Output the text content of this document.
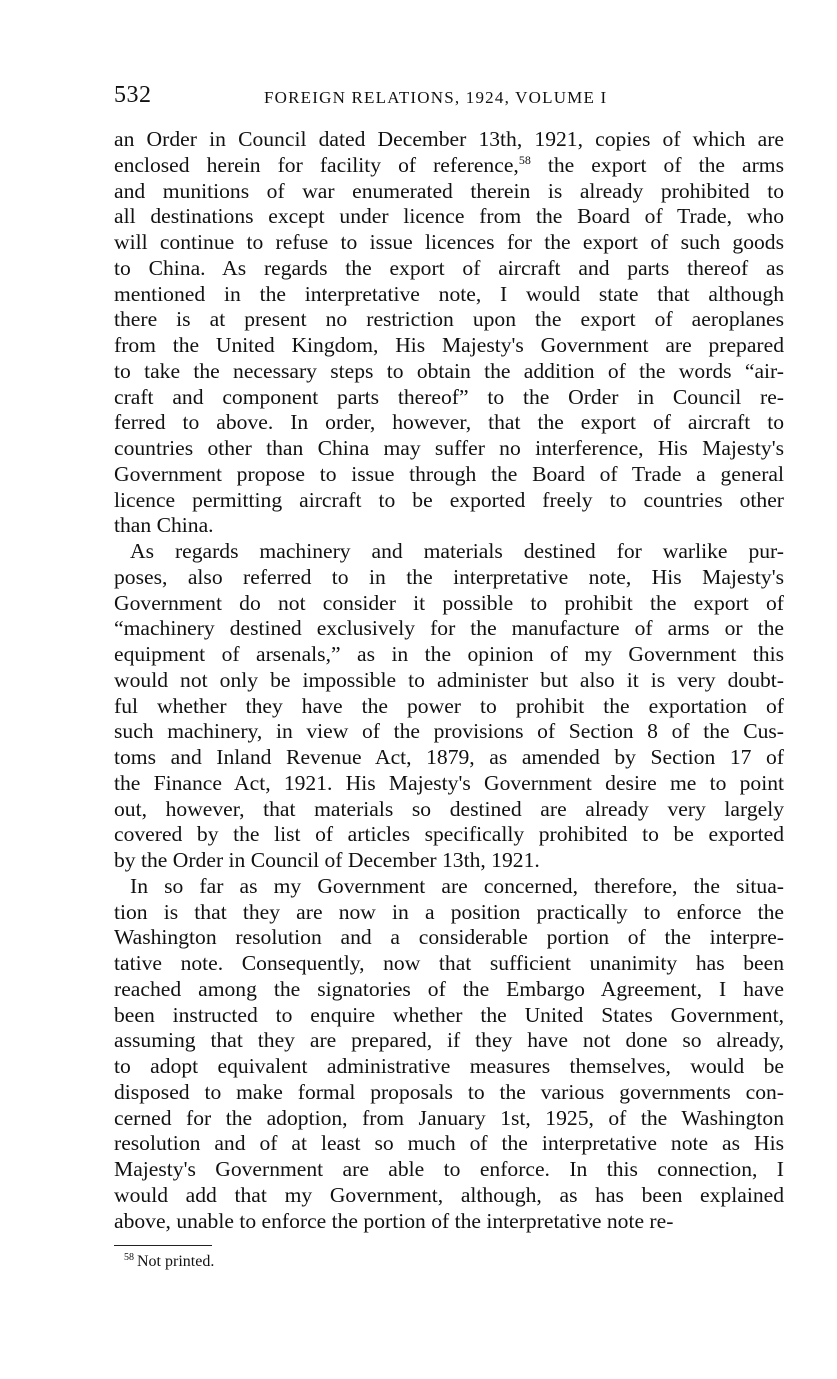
532	FOREIGN RELATIONS, 1924, VOLUME I
an Order in Council dated December 13th, 1921, copies of which are
enclosed herein for facility of reference,$^{58}$ the export of the arms
and munitions of war enumerated therein is already prohibited to
all destinations except under licence from the Board of Trade, who
will continue to refuse to issue licences for the export of such goods
to China. As regards the export of aircraft and parts thereof as
mentioned in the interpretative note, I would state that although
there is at present no restriction upon the export of aeroplanes
from the United Kingdom, His Majesty's Government are prepared
to take the necessary steps to obtain the addition of the words “air-
craft and component parts thereof” to the Order in Council re-
ferred to above. In order, however, that the export of aircraft to
countries other than China may suffer no interference, His Majesty's
Government propose to issue through the Board of Trade a general
licence permitting aircraft to be exported freely to countries other
than China.
As regards machinery and materials destined for warlike pur-
poses, also referred to in the interpretative note, His Majesty's
Government do not consider it possible to prohibit the export of
“machinery destined exclusively for the manufacture of arms or the
equipment of arsenals,” as in the opinion of my Government this
would not only be impossible to administer but also it is very doubt-
ful whether they have the power to prohibit the exportation of
such machinery, in view of the provisions of Section 8 of the Cus-
toms and Inland Revenue Act, 1879, as amended by Section 17 of
the Finance Act, 1921. His Majesty's Government desire me to point
out, however, that materials so destined are already very largely
covered by the list of articles specifically prohibited to be exported
by the Order in Council of December 13th, 1921.
In so far as my Government are concerned, therefore, the situa-
tion is that they are now in a position practically to enforce the
Washington resolution and a considerable portion of the interpre-
tative note. Consequently, now that sufficient unanimity has been
reached among the signatories of the Embargo Agreement, I have
been instructed to enquire whether the United States Government,
assuming that they are prepared, if they have not done so already,
to adopt equivalent administrative measures themselves, would be
disposed to make formal proposals to the various governments con-
cerned for the adoption, from January 1st, 1925, of the Washington
resolution and of at least so much of the interpretative note as His
Majesty's Government are able to enforce. In this connection, I
would add that my Government, although, as has been explained
above, unable to enforce the portion of the interpretative note re-
$^{58}$ Not printed.
